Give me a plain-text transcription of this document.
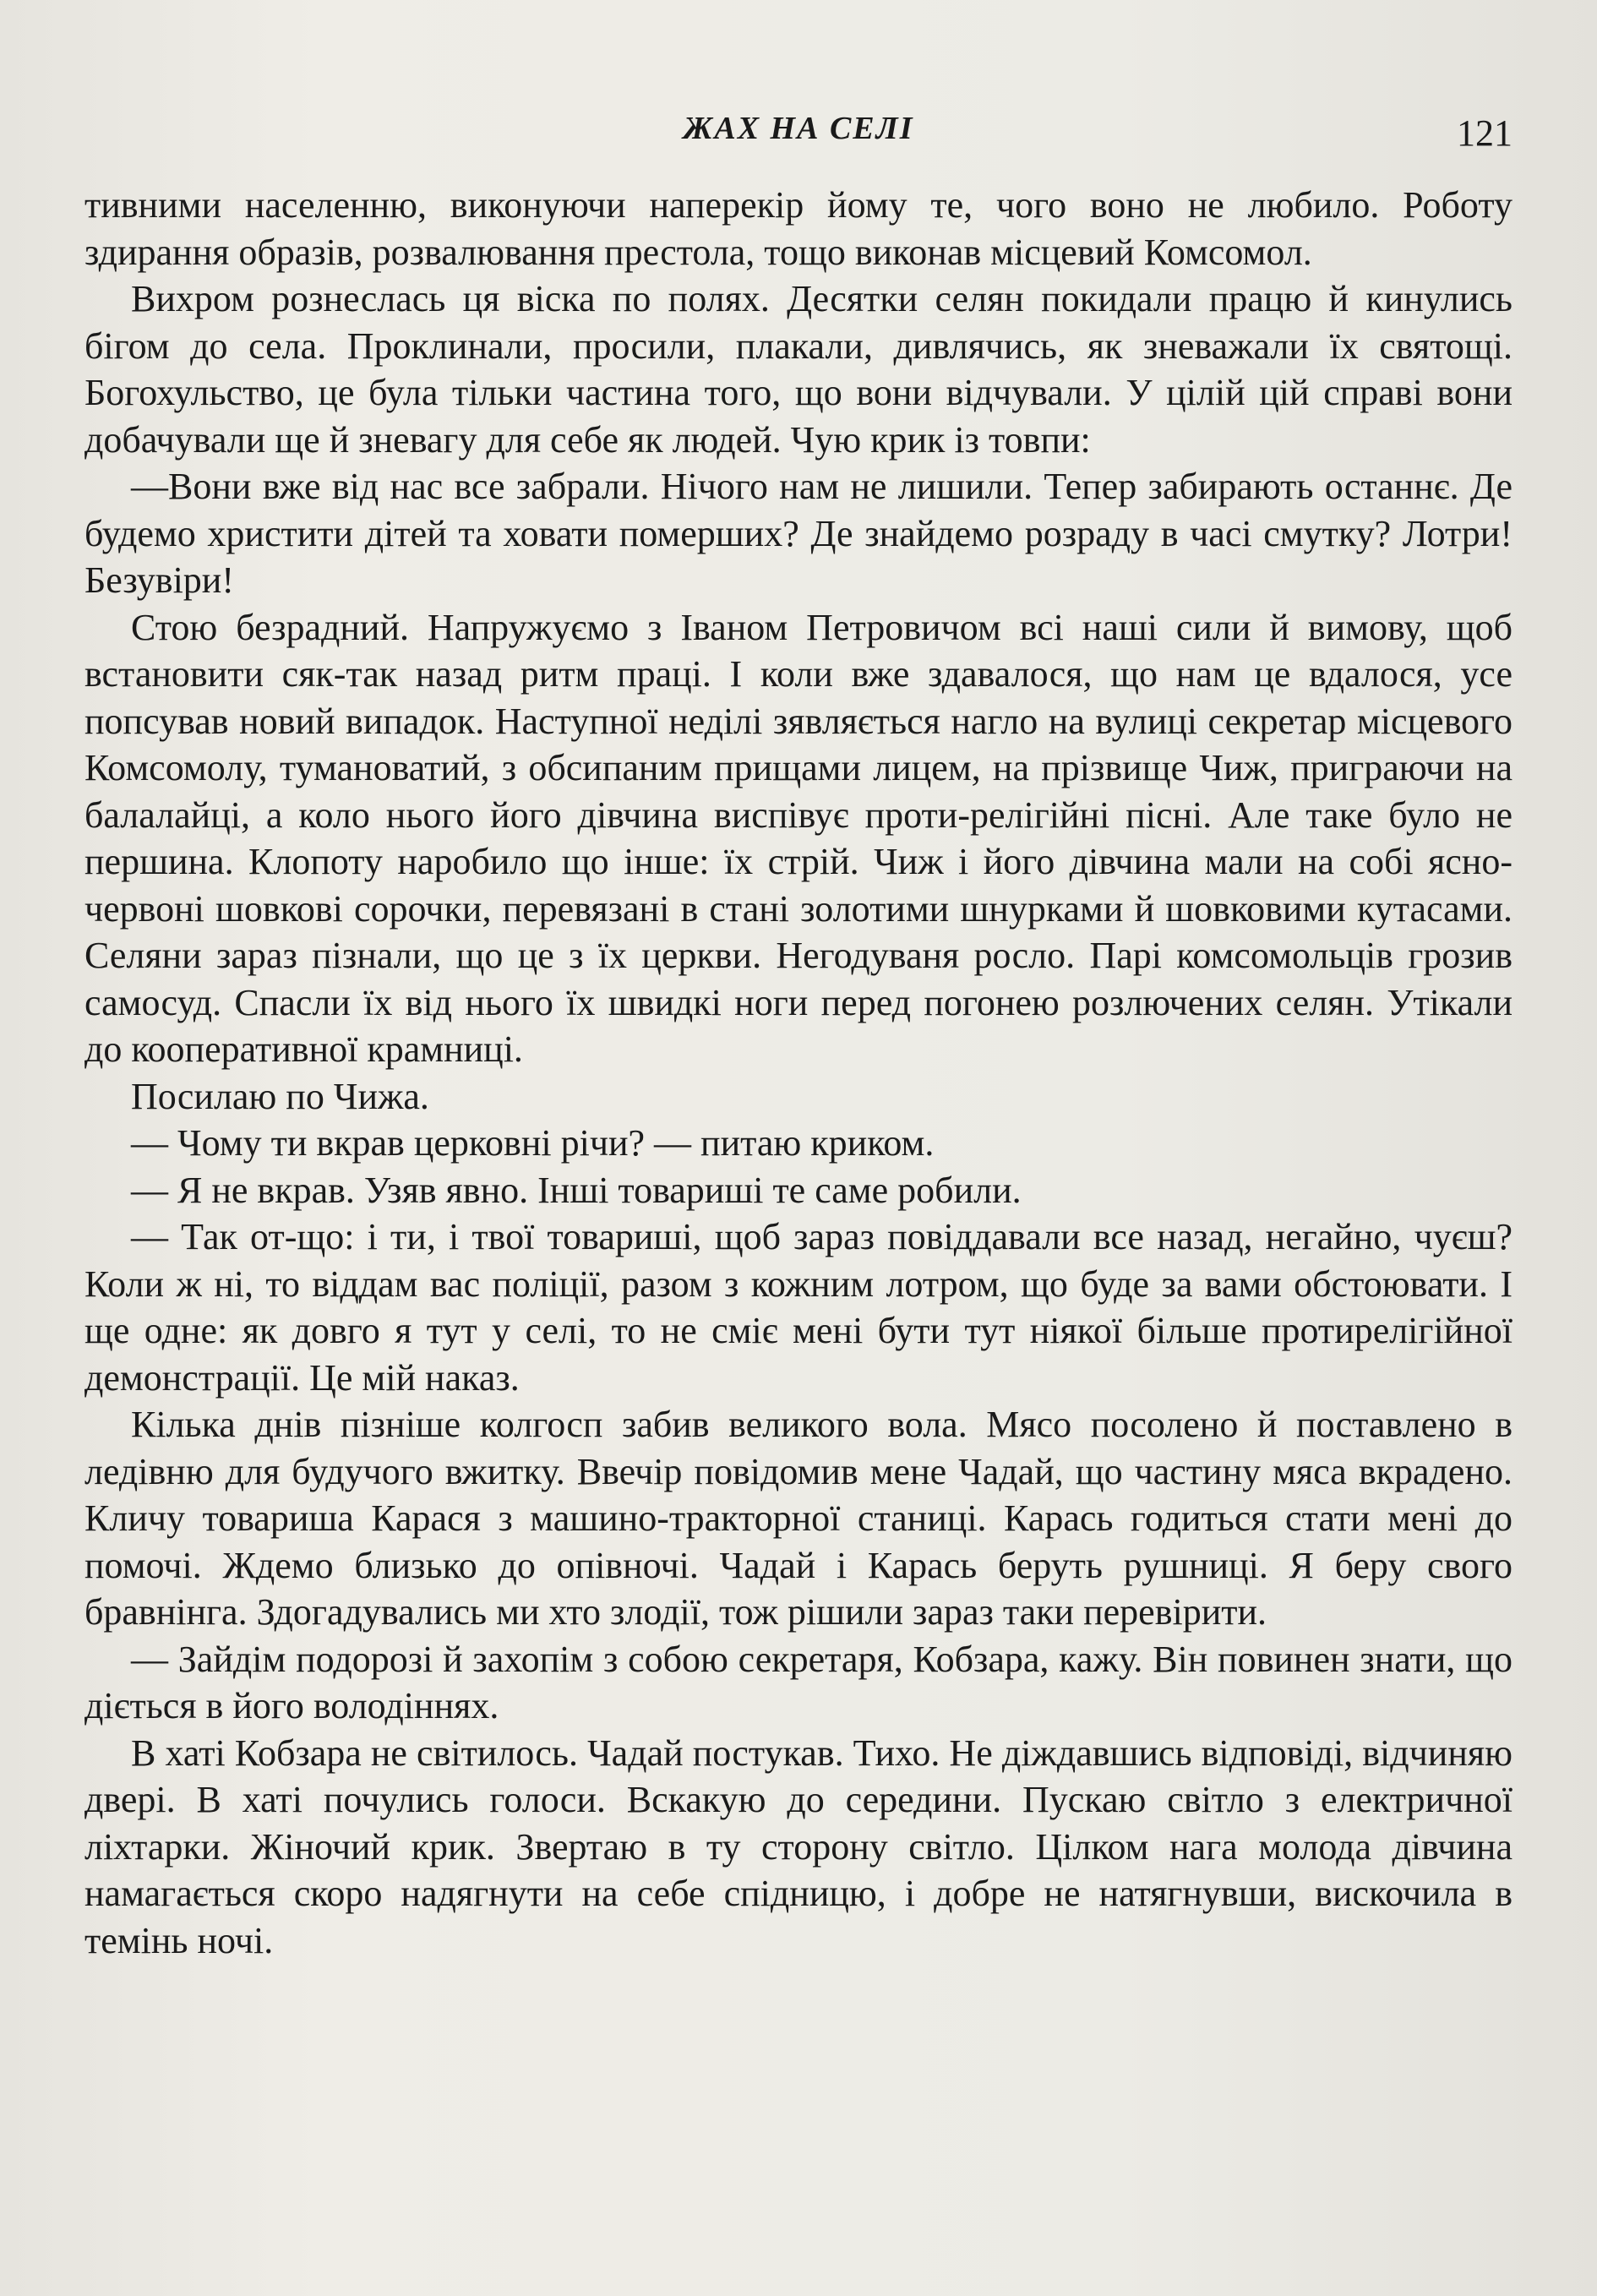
ЖАХ НА СЕЛІ	121

тивними населенню, виконуючи наперекір йому те, чого воно не любило. Роботу здирання образів, розвалювання престола, тощо виконав місцевий Комсомол.

Вихром рознеслась ця віска по полях. Десятки селян покидали працю й кинулись бігом до села. Проклинали, просили, плакали, дивлячись, як зневажали їх святощі. Богохульство, це була тільки частина того, що вони відчували. У цілій цій справі вони добачували ще й зневагу для себе як людей. Чую крик із товпи:

—Вони вже від нас все забрали. Нічого нам не лишили. Тепер забирають останнє. Де будемо христити дітей та ховати померших? Де знайдемо розраду в часі смутку? Лотри! Безувіри!

Стою безрадний. Напружуємо з Іваном Петровичом всі наші сили й вимову, щоб встановити сяк-так назад ритм праці. І коли вже здавалося, що нам це вдалося, усе попсував новий випадок. Наступної неділі зявляється нагло на вулиці секретар місцевого Комсомолу, тумановатий, з обсипаним прищами лицем, на прізвище Чиж, приграючи на балалайці, а коло нього його дівчина виспівує проти-релігійні пісні. Але таке було не першина. Клопоту наробило що інше: їх стрій. Чиж і його дівчина мали на собі ясно-червоні шовкові сорочки, перевязані в стані золотими шнурками й шовковими кутасами. Селяни зараз пізнали, що це з їх церкви. Негодуваня росло. Парі комсомольців грозив самосуд. Спасли їх від нього їх швидкі ноги перед погонею розлючених селян. Утікали до кооперативної крамниці.

Посилаю по Чижа.

— Чому ти вкрав церковні річи? — питаю криком.

— Я не вкрав. Узяв явно. Інші товариші те саме робили.

— Так от-що: і ти, і твої товариші, щоб зараз повіддавали все назад, негайно, чуєш? Коли ж ні, то віддам вас поліції, разом з кожним лотром, що буде за вами обстоювати. І ще одне: як довго я тут у селі, то не сміє мені бути тут ніякої більше протирелігійної демонстрації. Це мій наказ.

Кілька днів пізніше колгосп забив великого вола. Мясо посолено й поставлено в ледівню для будучого вжитку. Ввечір повідомив мене Чадай, що частину мяса вкрадено. Кличу товариша Карася з машино-тракторної станиці. Карась годиться стати мені до помочі. Ждемо близько до опівночі. Чадай і Карась беруть рушниці. Я беру свого бравнінга. Здогадувались ми хто злодії, тож рішили зараз таки перевірити.

— Зайдім подорозі й захопім з собою секретаря, Кобзара, кажу. Він повинен знати, що діється в його володіннях.

В хаті Кобзара не світилось. Чадай постукав. Тихо. Не діждавшись відповіді, відчиняю двері. В хаті почулись голоси. Вскакую до середини. Пускаю світло з електричної ліхтарки. Жіночий крик. Звертаю в ту сторону світло. Цілком нага молода дівчина намагається скоро надягнути на себе спідницю, і добре не натягнувши, вискочила в темінь ночі.
